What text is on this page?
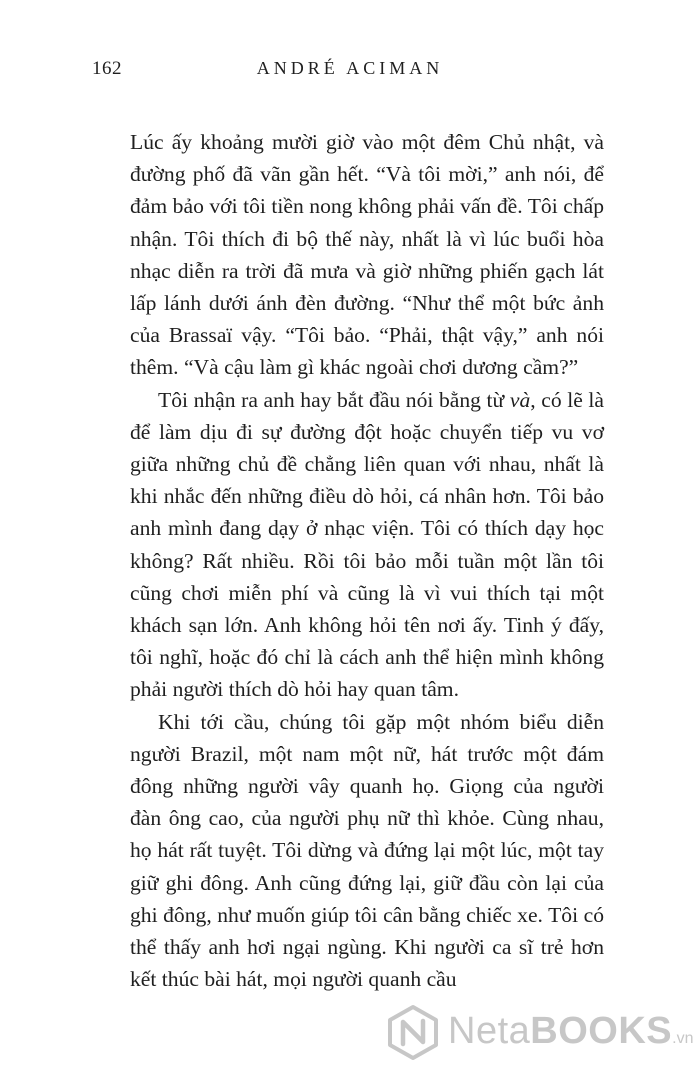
162	ANDRÉ ACIMAN

Lúc ấy khoảng mười giờ vào một đêm Chủ nhật, và đường phố đã vãn gần hết. “Và tôi mời,” anh nói, để đảm bảo với tôi tiền nong không phải vấn đề. Tôi chấp nhận. Tôi thích đi bộ thế này, nhất là vì lúc buổi hòa nhạc diễn ra trời đã mưa và giờ những phiến gạch lát lấp lánh dưới ánh đèn đường. “Như thể một bức ảnh của Brassaï vậy. “Tôi bảo. “Phải, thật vậy,” anh nói thêm. “Và cậu làm gì khác ngoài chơi dương cầm?”

Tôi nhận ra anh hay bắt đầu nói bằng từ và, có lẽ là để làm dịu đi sự đường đột hoặc chuyển tiếp vu vơ giữa những chủ đề chẳng liên quan với nhau, nhất là khi nhắc đến những điều dò hỏi, cá nhân hơn. Tôi bảo anh mình đang dạy ở nhạc viện. Tôi có thích dạy học không? Rất nhiều. Rồi tôi bảo mỗi tuần một lần tôi cũng chơi miễn phí và cũng là vì vui thích tại một khách sạn lớn. Anh không hỏi tên nơi ấy. Tinh ý đấy, tôi nghĩ, hoặc đó chỉ là cách anh thể hiện mình không phải người thích dò hỏi hay quan tâm.

Khi tới cầu, chúng tôi gặp một nhóm biểu diễn người Brazil, một nam một nữ, hát trước một đám đông những người vây quanh họ. Giọng của người đàn ông cao, của người phụ nữ thì khỏe. Cùng nhau, họ hát rất tuyệt. Tôi dừng và đứng lại một lúc, một tay giữ ghi đông. Anh cũng đứng lại, giữ đầu còn lại của ghi đông, như muốn giúp tôi cân bằng chiếc xe. Tôi có thể thấy anh hơi ngại ngùng. Khi người ca sĩ trẻ hơn kết thúc bài hát, mọi người quanh cầu

NetaBOOKS.vn
